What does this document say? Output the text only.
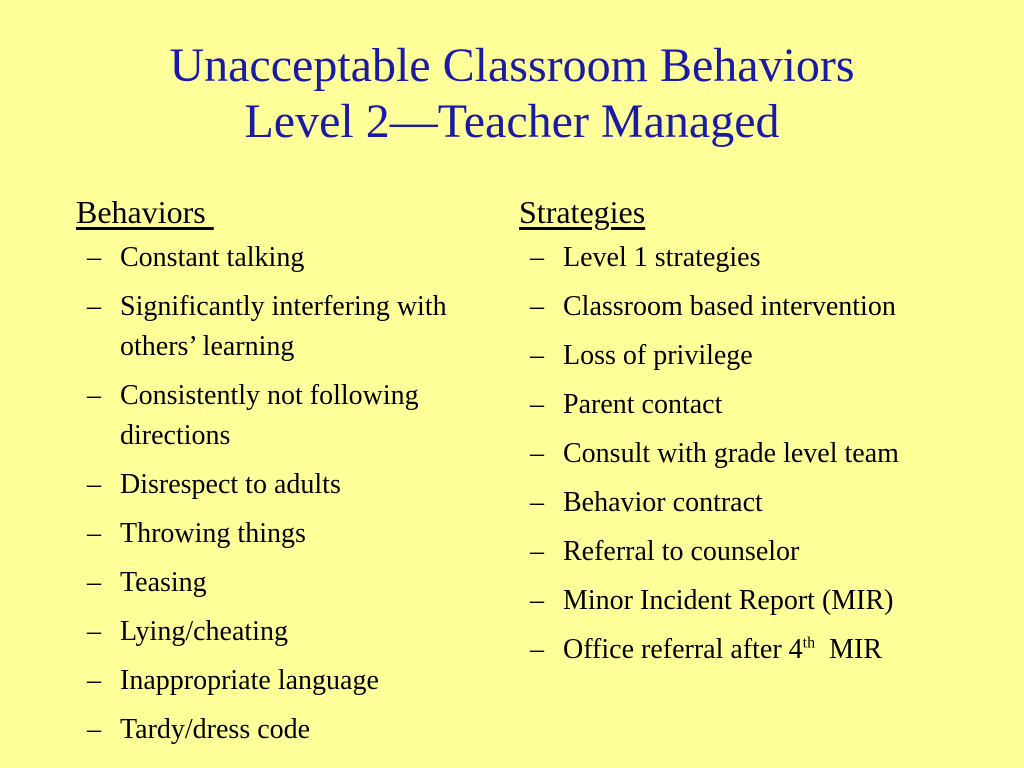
Unacceptable Classroom Behaviors
Level 2—Teacher Managed
Behaviors
– Constant talking
– Significantly interfering with others’ learning
– Consistently not following directions
– Disrespect to adults
– Throwing things
– Teasing
– Lying/cheating
– Inappropriate language
– Tardy/dress code
Strategies
– Level 1 strategies
– Classroom based intervention
– Loss of privilege
– Parent contact
– Consult with grade level team
– Behavior contract
– Referral to counselor
– Minor Incident Report (MIR)
– Office referral after 4th  MIR
